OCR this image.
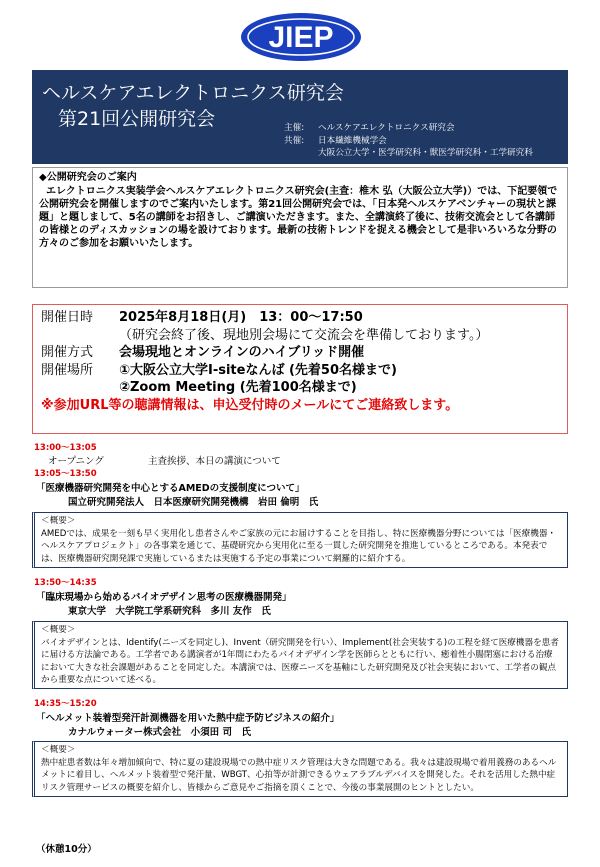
JIEP
ヘルスケアエレクトロニクス研究会
第21回公開研究会	主催:	ヘルスケアエレクトロニクス研究会
共催:	日本繊維機械学会
大阪公立大学・医学研究科・獣医学研究科・工学研究科
◆公開研究会のご案内
エレクトロニクス実装学会ヘルスケアエレクトロニクス研究会(主査：椎木 弘（大阪公立大学)）では、下記要領で公開研究会を開催しますのでご案内いたします。第21回公開研究会では、「日本発ヘルスケアベンチャーの現状と課題」と題しまして、5名の講師をお招きし、ご講演いただきます。また、全講演終了後に、技術交流会として各講師の皆様とのディスカッションの場を設けております。最新の技術トレンドを捉える機会として是非いろいろな分野の方々のご参加をお願いいたします。
開催日時	2025年8月18日(月)　13：00～17:50
（研究会終了後、現地別会場にて交流会を準備しております。）
開催方式	会場現地とオンラインのハイブリッド開催
開催場所	①大阪公立大学I-siteなんば (先着50名様まで)
②Zoom Meeting (先着100名様まで)
※参加URL等の聴講情報は、申込受付時のメールにてご連絡致します。
13:00～13:05
オープニング	主査挨拶、本日の講演について
13:05～13:50
「医療機器研究開発を中心とするAMEDの支援制度について」
国立研究開発法人　日本医療研究開発機構　岩田 倫明　氏
＜概要＞
AMEDでは、成果を一刻も早く実用化し患者さんやご家族の元にお届けすることを目指し、特に医療機器分野については「医療機器・ヘルスケアプロジェクト」の各事業を通じて、基礎研究から実用化に至る一貫した研究開発を推進しているところである。本発表では、医療機器研究開発課で実施しているまたは実施する予定の事業について網羅的に紹介する。
13:50～14:35
「臨床現場から始めるバイオデザイン思考の医療機器開発」
東京大学　大学院工学系研究科　多川 友作　氏
＜概要＞
バイオデザインとは、Identify(ニーズを同定し)、Invent（研究開発を行い）、Implement(社会実装する)の工程を経て医療機器を患者に届ける方法論である。工学者である講演者が1年間にわたるバイオデザイン学を医師らとともに行い、癒着性小腸閉塞における治療において大きな社会課題があることを同定した。本講演では、医療ニーズを基軸にした研究開発及び社会実装において、工学者の観点から重要な点について述べる。
14:35～15:20
「ヘルメット装着型発汗計測機器を用いた熱中症予防ビジネスの紹介」
カナルウォーター株式会社　小須田 司　氏
＜概要＞
熱中症患者数は年々増加傾向で、特に夏の建設現場での熱中症リスク管理は大きな問題である。我々は建設現場で着用義務のあるヘルメットに着目し、ヘルメット装着型で発汗量、WBGT、心拍等が計測できるウェアラブルデバイスを開発した。それを活用した熱中症リスク管理サービスの概要を紹介し、皆様からご意見やご指摘を頂くことで、今後の事業展開のヒントとしたい。
（休憩10分）
